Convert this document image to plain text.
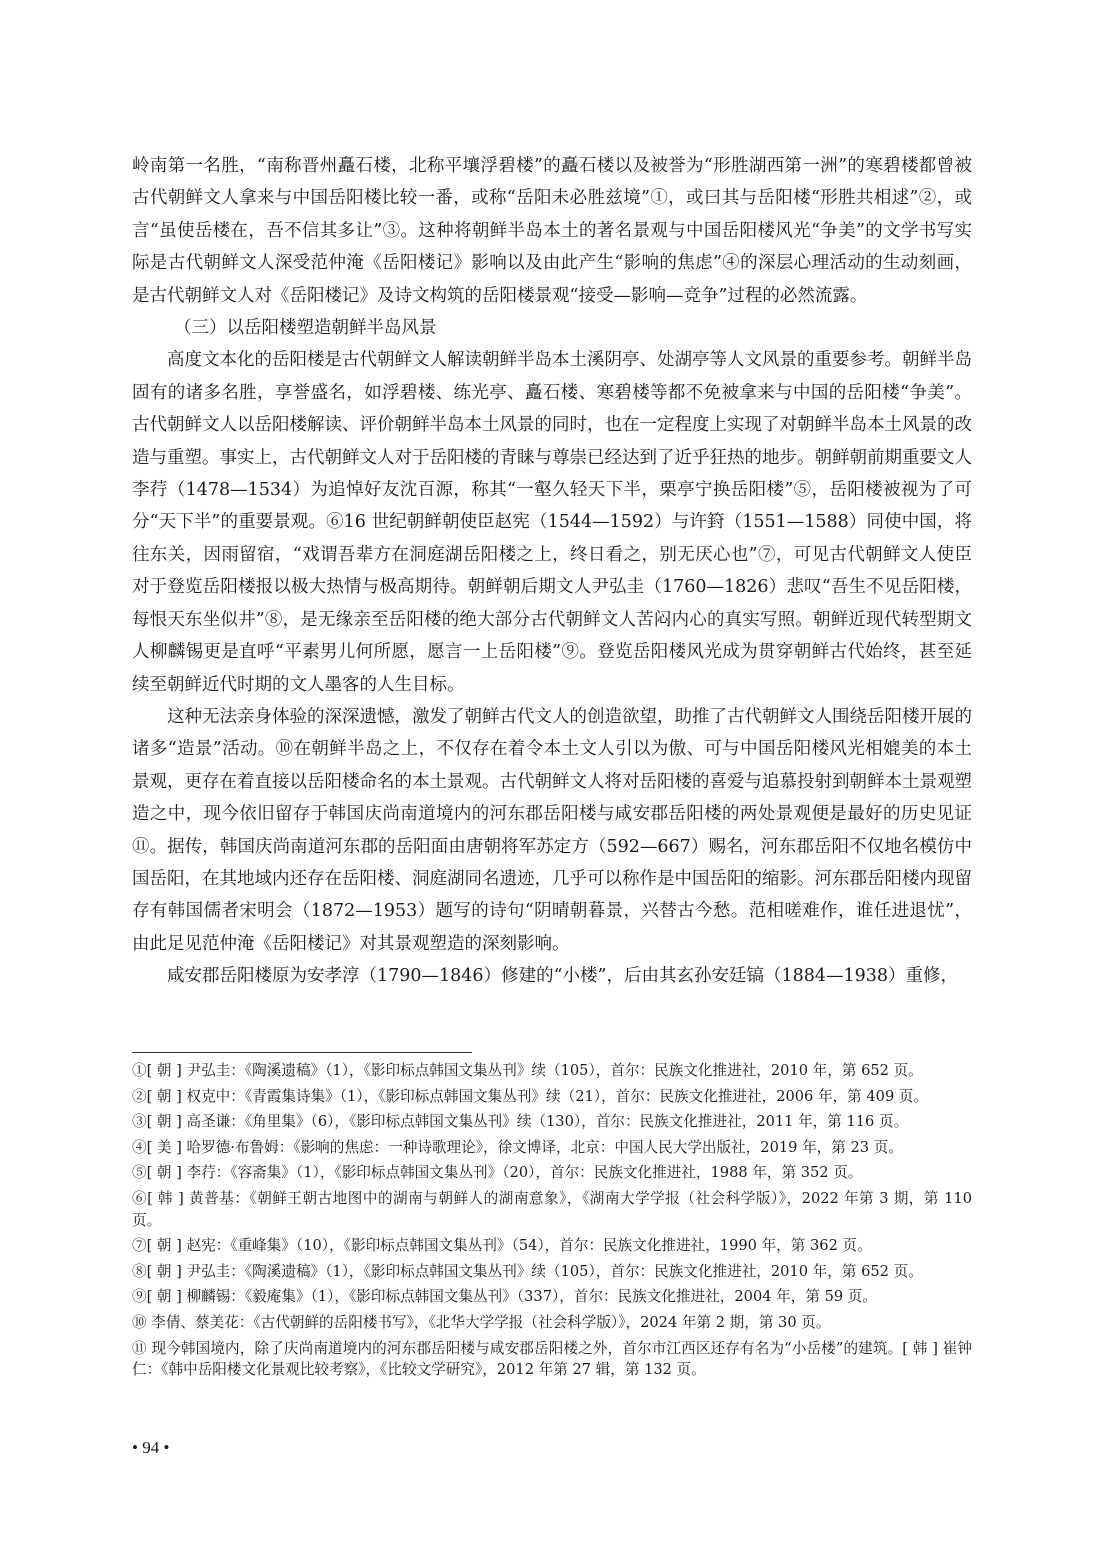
岭南第一名胜，“南称晋州矗石楼，北称平壤浮碧楼”的矗石楼以及被誉为“形胜湖西第一洲”的寒碧楼都曾被古代朝鲜文人拿来与中国岳阳楼比较一番，或称“岳阳未必胜兹境”①，或曰其与岳阳楼“形胜共相逑”②，或言“虽使岳楼在，吾不信其多让”③。这种将朝鲜半岛本土的著名景观与中国岳阳楼风光“争美”的文学书写实际是古代朝鲜文人深受范仲淹《岳阳楼记》影响以及由此产生“影响的焦虑”④的深层心理活动的生动刻画，是古代朝鲜文人对《岳阳楼记》及诗文构筑的岳阳楼景观“接受—影响—竞争”过程的必然流露。

（三）以岳阳楼塑造朝鲜半岛风景

高度文本化的岳阳楼是古代朝鲜文人解读朝鲜半岛本土溪阴亭、处湖亭等人文风景的重要参考。朝鲜半岛固有的诸多名胜，享誉盛名，如浮碧楼、练光亭、矗石楼、寒碧楼等都不免被拿来与中国的岳阳楼“争美”。古代朝鲜文人以岳阳楼解读、评价朝鲜半岛本土风景的同时，也在一定程度上实现了对朝鲜半岛本土风景的改造与重塑。事实上，古代朝鲜文人对于岳阳楼的青睐与尊崇已经达到了近乎狂热的地步。朝鲜朝前期重要文人李荇（1478—1534）为追悼好友沈百源，称其“一壑久轻天下半，栗亭宁换岳阳楼”⑤，岳阳楼被视为了可分“天下半”的重要景观。⑥16 世纪朝鲜朝使臣赵宪（1544—1592）与许篈（1551—1588）同使中国，将往东关，因雨留宿，“戏谓吾辈方在洞庭湖岳阳楼之上，终日看之，别无厌心也”⑦，可见古代朝鲜文人使臣对于登览岳阳楼报以极大热情与极高期待。朝鲜朝后期文人尹弘圭（1760—1826）悲叹“吾生不见岳阳楼，每恨天东坐似井”⑧，是无缘亲至岳阳楼的绝大部分古代朝鲜文人苦闷内心的真实写照。朝鲜近现代转型期文人柳麟锡更是直呼“平素男儿何所愿，愿言一上岳阳楼”⑨。登览岳阳楼风光成为贯穿朝鲜古代始终，甚至延续至朝鲜近代时期的文人墨客的人生目标。

这种无法亲身体验的深深遗憾，激发了朝鲜古代文人的创造欲望，助推了古代朝鲜文人围绕岳阳楼开展的诸多“造景”活动。⑩在朝鲜半岛之上，不仅存在着令本土文人引以为傲、可与中国岳阳楼风光相媲美的本土景观，更存在着直接以岳阳楼命名的本土景观。古代朝鲜文人将对岳阳楼的喜爱与追慕投射到朝鲜本土景观塑造之中，现今依旧留存于韩国庆尚南道境内的河东郡岳阳楼与咸安郡岳阳楼的两处景观便是最好的历史见证⑪。据传，韩国庆尚南道河东郡的岳阳面由唐朝将军苏定方（592—667）赐名，河东郡岳阳不仅地名模仿中国岳阳，在其地域内还存在岳阳楼、洞庭湖同名遗迹，几乎可以称作是中国岳阳的缩影。河东郡岳阳楼内现留存有韩国儒者宋明会（1872—1953）题写的诗句“阴晴朝暮景，兴替古今愁。范相嗟难作，谁任进退忧”，由此足见范仲淹《岳阳楼记》对其景观塑造的深刻影响。

咸安郡岳阳楼原为安孝淳（1790—1846）修建的“小楼”，后由其玄孙安廷镐（1884—1938）重修，

①[ 朝 ] 尹弘圭：《陶溪遗稿》（1），《影印标点韩国文集丛刊》续（105），首尔：民族文化推进社，2010 年，第 652 页。

②[ 朝 ] 权克中：《青霞集诗集》（1），《影印标点韩国文集丛刊》续（21），首尔：民族文化推进社，2006 年，第 409 页。

③[ 朝 ] 高圣谦：《角里集》（6），《影印标点韩国文集丛刊》续（130），首尔：民族文化推进社，2011 年，第 116 页。

④[ 美 ] 哈罗德·布鲁姆：《影响的焦虑：一种诗歌理论》，徐文博译，北京：中国人民大学出版社，2019 年，第 23 页。

⑤[ 朝 ] 李荇：《容斋集》（1），《影印标点韩国文集丛刊》（20），首尔：民族文化推进社，1988 年，第 352 页。

⑥[ 韩 ] 黄普基：《朝鲜王朝古地图中的湖南与朝鲜人的湖南意象》，《湖南大学学报（社会科学版）》，2022 年第 3 期，第 110 页。

⑦[ 朝 ] 赵宪：《重峰集》（10），《影印标点韩国文集丛刊》（54），首尔：民族文化推进社，1990 年，第 362 页。

⑧[ 朝 ] 尹弘圭：《陶溪遗稿》（1），《影印标点韩国文集丛刊》续（105），首尔：民族文化推进社，2010 年，第 652 页。

⑨[ 朝 ] 柳麟锡：《毅庵集》（1），《影印标点韩国文集丛刊》（337），首尔：民族文化推进社，2004 年，第 59 页。

⑩ 李倩、蔡美花：《古代朝鲜的岳阳楼书写》，《北华大学学报（社会科学版）》，2024 年第 2 期，第 30 页。

⑪ 现今韩国境内，除了庆尚南道境内的河东郡岳阳楼与咸安郡岳阳楼之外，首尔市江西区还存有名为“小岳楼”的建筑。[ 韩 ] 崔钟仁：《韩中岳阳楼文化景观比较考察》，《比较文学研究》，2012 年第 27 辑，第 132 页。

• 94 •
